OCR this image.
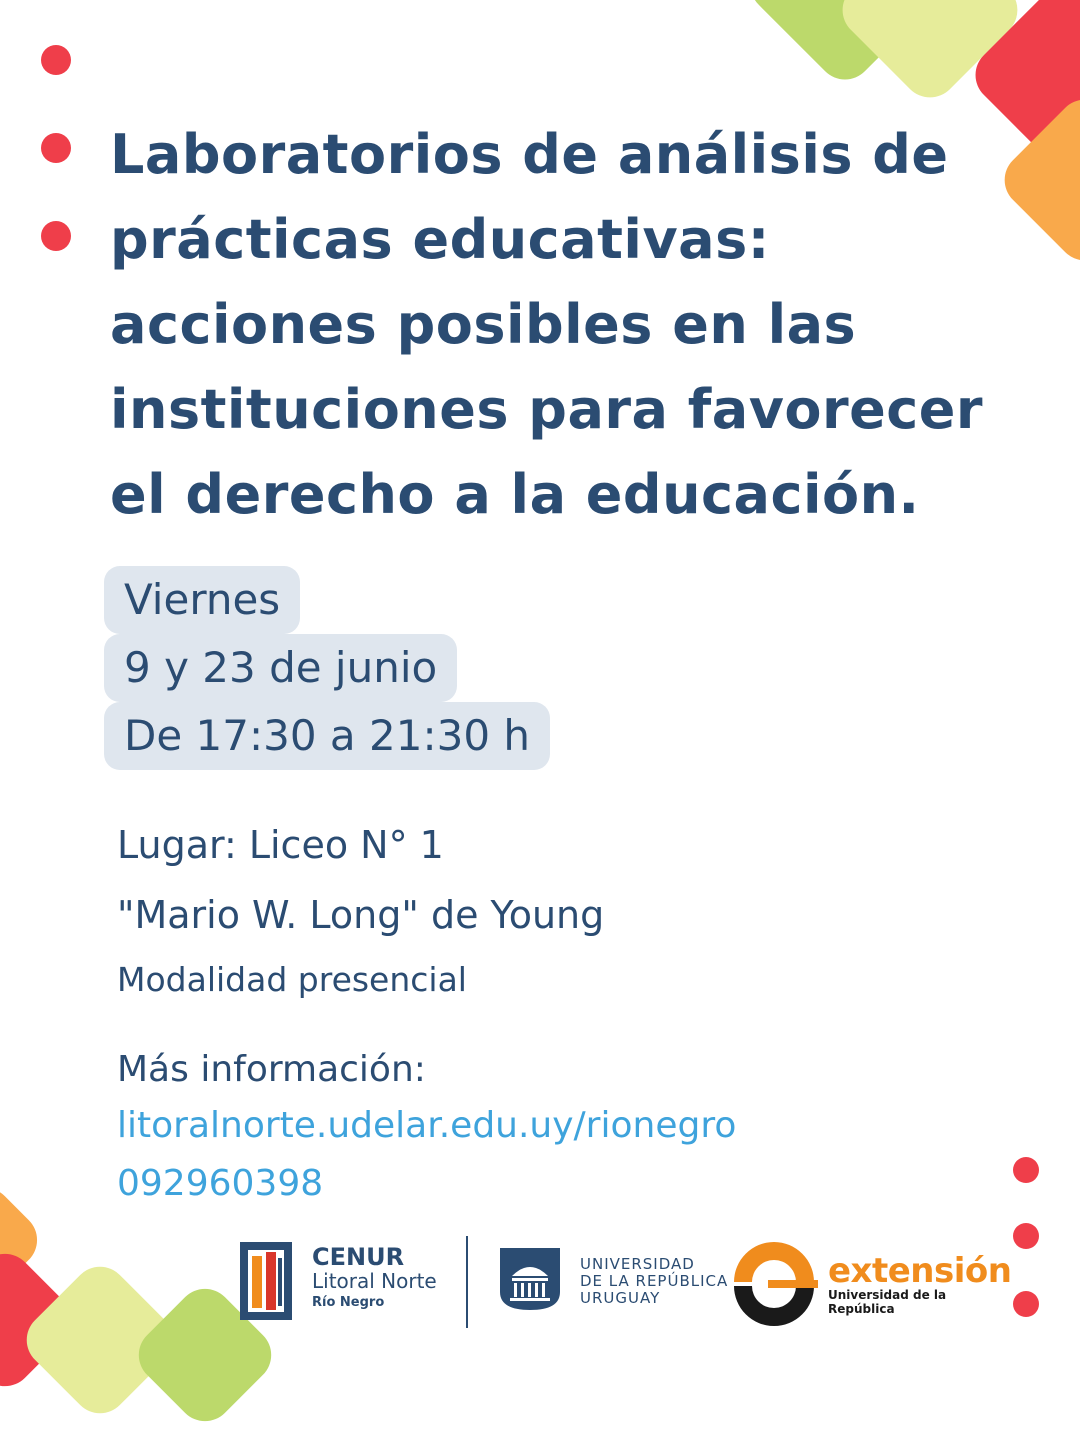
Laboratorios de análisis de prácticas educativas: acciones posibles en las instituciones para favorecer el derecho a la educación.
Viernes
9 y 23 de junio
De 17:30 a 21:30 h
Lugar: Liceo N° 1
"Mario W. Long" de Young
Modalidad presencial
Más información:
litoralnorte.udelar.edu.uy/rionegro
092960398
CENUR
Litoral Norte
Río Negro
UNIVERSIDAD
DE LA REPÚBLICA
URUGUAY
extensión
Universidad de la República
